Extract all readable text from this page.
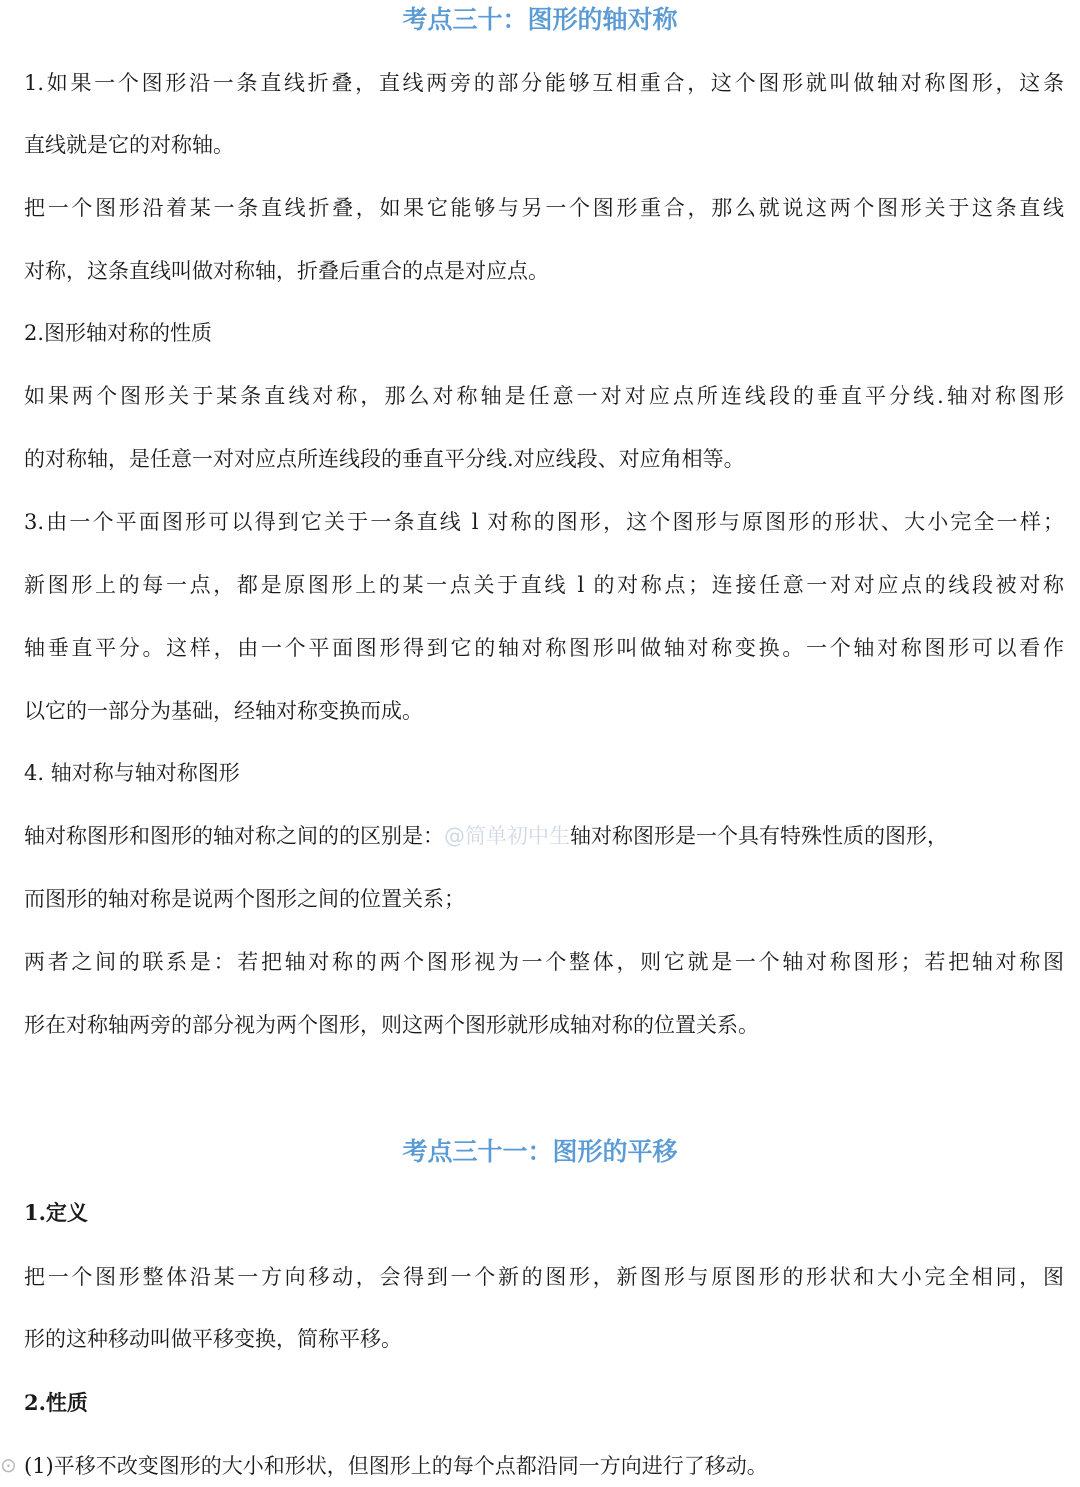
考点三十：图形的轴对称

1.如果一个图形沿一条直线折叠，直线两旁的部分能够互相重合，这个图形就叫做轴对称图形，这条

直线就是它的对称轴。

把一个图形沿着某一条直线折叠，如果它能够与另一个图形重合，那么就说这两个图形关于这条直线

对称，这条直线叫做对称轴，折叠后重合的点是对应点。

2.图形轴对称的性质

如果两个图形关于某条直线对称，那么对称轴是任意一对对应点所连线段的垂直平分线.轴对称图形

的对称轴，是任意一对对应点所连线段的垂直平分线.对应线段、对应角相等。

3.由一个平面图形可以得到它关于一条直线 l 对称的图形，这个图形与原图形的形状、大小完全一样；

新图形上的每一点，都是原图形上的某一点关于直线 l 的对称点；连接任意一对对应点的线段被对称

轴垂直平分。这样，由一个平面图形得到它的轴对称图形叫做轴对称变换。一个轴对称图形可以看作

以它的一部分为基础，经轴对称变换而成。

4. 轴对称与轴对称图形

轴对称图形和图形的轴对称之间的的区别是：@简单初中生轴对称图形是一个具有特殊性质的图形，

而图形的轴对称是说两个图形之间的位置关系；

两者之间的联系是：若把轴对称的两个图形视为一个整体，则它就是一个轴对称图形；若把轴对称图

形在对称轴两旁的部分视为两个图形，则这两个图形就形成轴对称的位置关系。

考点三十一：图形的平移

1.定义

把一个图形整体沿某一方向移动，会得到一个新的图形，新图形与原图形的形状和大小完全相同，图

形的这种移动叫做平移变换，简称平移。

2.性质

(1)平移不改变图形的大小和形状，但图形上的每个点都沿同一方向进行了移动。

⊙
